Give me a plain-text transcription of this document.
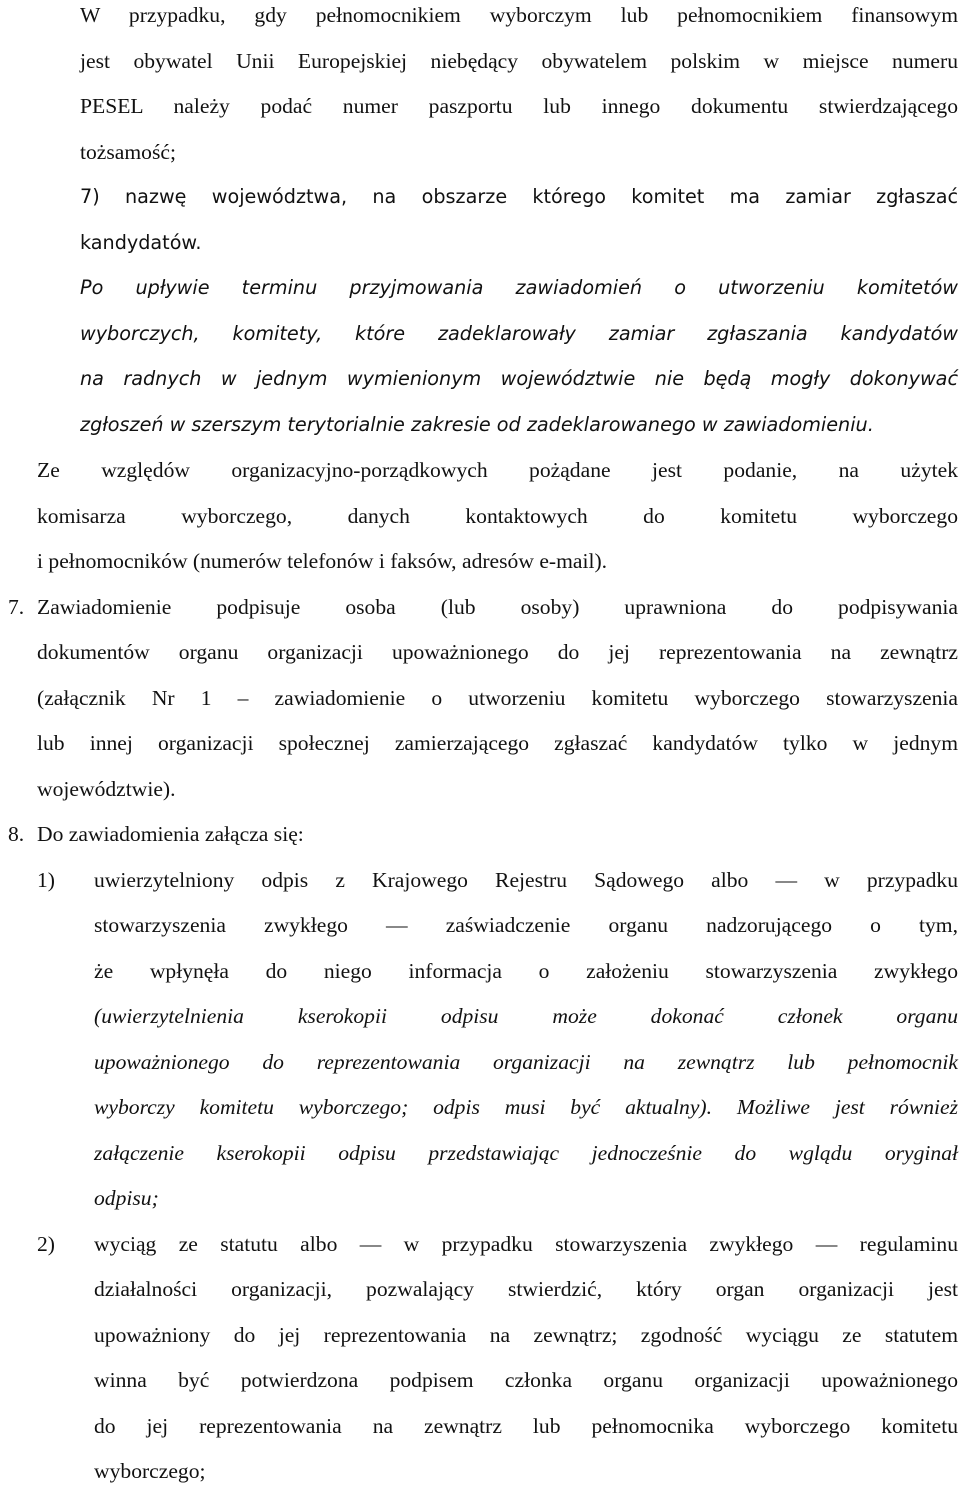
W przypadku, gdy pełnomocnikiem wyborczym lub pełnomocnikiem finansowym
jest obywatel Unii Europejskiej niebędący obywatelem polskim w miejsce numeru
PESEL należy podać numer paszportu lub innego dokumentu stwierdzającego
tożsamość;
7) nazwę województwa, na obszarze którego komitet ma zamiar zgłaszać
kandydatów.
Po upływie terminu przyjmowania zawiadomień o utworzeniu komitetów
wyborczych, komitety, które zadeklarowały zamiar zgłaszania kandydatów
na radnych w jednym wymienionym województwie nie będą mogły dokonywać
zgłoszeń w szerszym terytorialnie zakresie od zadeklarowanego w zawiadomieniu.
Ze względów organizacyjno-porządkowych pożądane jest podanie, na użytek
komisarza wyborczego, danych kontaktowych do komitetu wyborczego
i pełnomocników (numerów telefonów i faksów, adresów e-mail).
7. Zawiadomienie podpisuje osoba (lub osoby) uprawniona do podpisywania
dokumentów organu organizacji upoważnionego do jej reprezentowania na zewnątrz
(załącznik Nr 1 – zawiadomienie o utworzeniu komitetu wyborczego stowarzyszenia
lub innej organizacji społecznej zamierzającego zgłaszać kandydatów tylko w jednym
województwie).
8. Do zawiadomienia załącza się:
1) uwierzytelniony odpis z Krajowego Rejestru Sądowego albo — w przypadku
stowarzyszenia zwykłego — zaświadczenie organu nadzorującego o tym,
że wpłynęła do niego informacja o założeniu stowarzyszenia zwykłego
(uwierzytelnienia kserokopii odpisu może dokonać członek organu
upoważnionego do reprezentowania organizacji na zewnątrz lub pełnomocnik
wyborczy komitetu wyborczego; odpis musi być aktualny). Możliwe jest również
załączenie kserokopii odpisu przedstawiając jednocześnie do wglądu oryginał
odpisu;
2) wyciąg ze statutu albo — w przypadku stowarzyszenia zwykłego — regulaminu
działalności organizacji, pozwalający stwierdzić, który organ organizacji jest
upoważniony do jej reprezentowania na zewnątrz; zgodność wyciągu ze statutem
winna być potwierdzona podpisem członka organu organizacji upoważnionego
do jej reprezentowania na zewnątrz lub pełnomocnika wyborczego komitetu
wyborczego;
